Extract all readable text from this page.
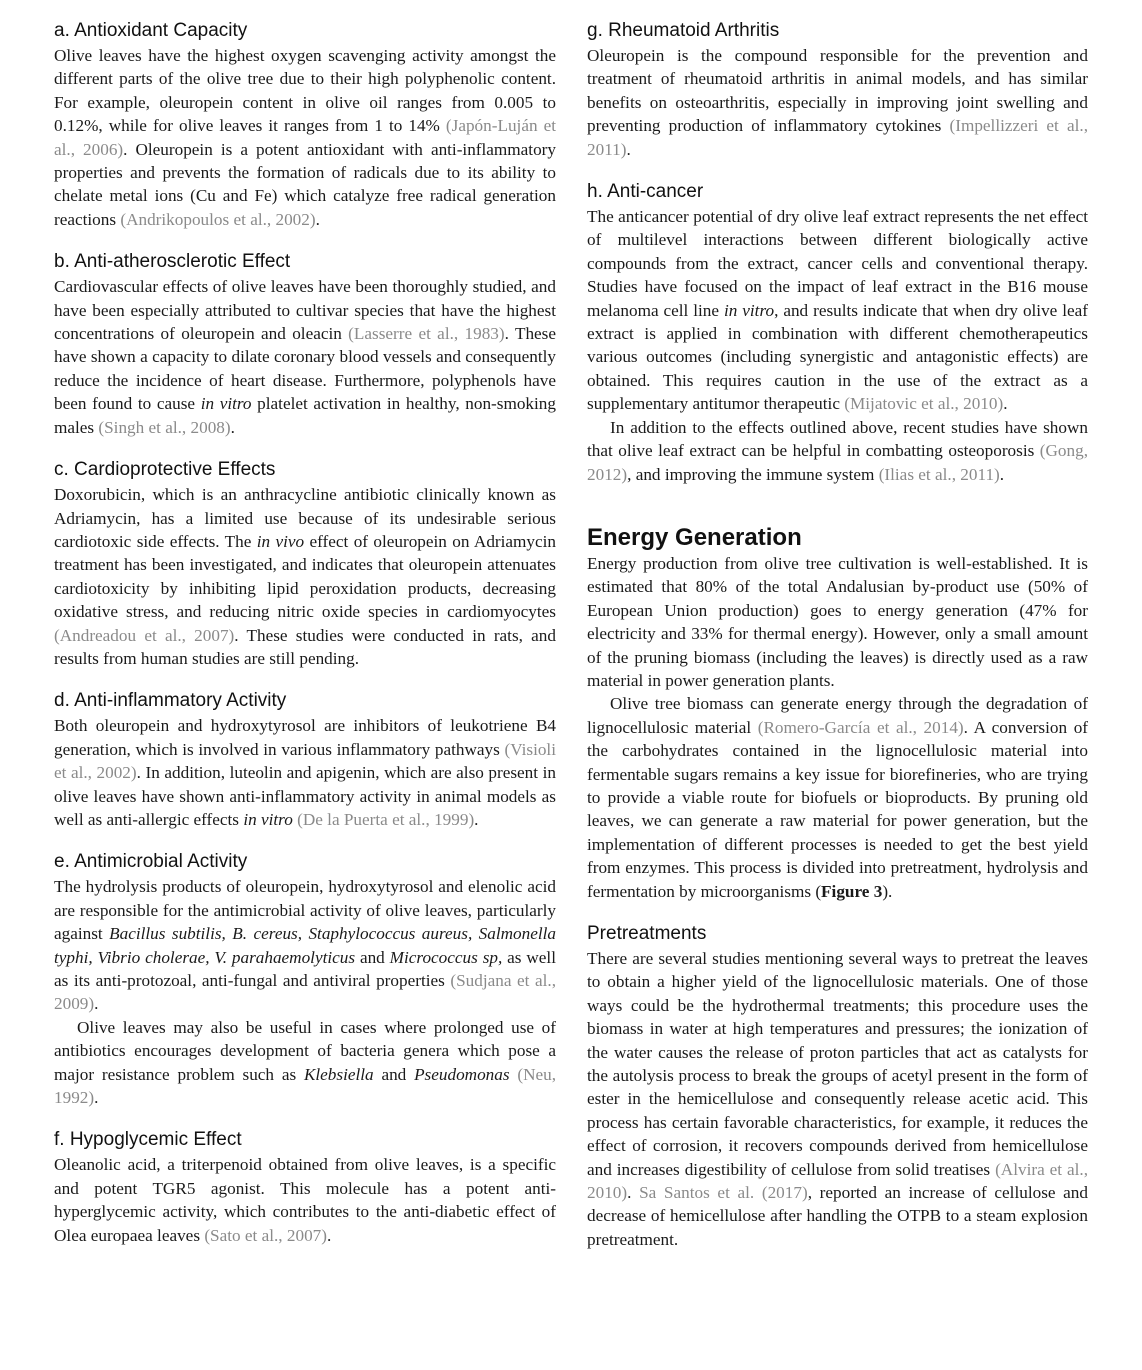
a. Antioxidant Capacity

Olive leaves have the highest oxygen scavenging activity amongst the different parts of the olive tree due to their high polyphenolic content. For example, oleuropein content in olive oil ranges from 0.005 to 0.12%, while for olive leaves it ranges from 1 to 14% (Japón-Luján et al., 2006). Oleuropein is a potent antioxidant with anti-inflammatory properties and prevents the formation of radicals due to its ability to chelate metal ions (Cu and Fe) which catalyze free radical generation reactions (Andrikopoulos et al., 2002).

b. Anti-atherosclerotic Effect

Cardiovascular effects of olive leaves have been thoroughly studied, and have been especially attributed to cultivar species that have the highest concentrations of oleuropein and oleacin (Lasserre et al., 1983). These have shown a capacity to dilate coronary blood vessels and consequently reduce the incidence of heart disease. Furthermore, polyphenols have been found to cause in vitro platelet activation in healthy, non-smoking males (Singh et al., 2008).

c. Cardioprotective Effects

Doxorubicin, which is an anthracycline antibiotic clinically known as Adriamycin, has a limited use because of its undesirable serious cardiotoxic side effects. The in vivo effect of oleuropein on Adriamycin treatment has been investigated, and indicates that oleuropein attenuates cardiotoxicity by inhibiting lipid peroxidation products, decreasing oxidative stress, and reducing nitric oxide species in cardiomyocytes (Andreadou et al., 2007). These studies were conducted in rats, and results from human studies are still pending.

d. Anti-inflammatory Activity

Both oleuropein and hydroxytyrosol are inhibitors of leukotriene B4 generation, which is involved in various inflammatory pathways (Visioli et al., 2002). In addition, luteolin and apigenin, which are also present in olive leaves have shown anti-inflammatory activity in animal models as well as anti-allergic effects in vitro (De la Puerta et al., 1999).

e. Antimicrobial Activity

The hydrolysis products of oleuropein, hydroxytyrosol and elenolic acid are responsible for the antimicrobial activity of olive leaves, particularly against Bacillus subtilis, B. cereus, Staphylococcus aureus, Salmonella typhi, Vibrio cholerae, V. parahaemolyticus and Micrococcus sp, as well as its anti-protozoal, anti-fungal and antiviral properties (Sudjana et al., 2009).

Olive leaves may also be useful in cases where prolonged use of antibiotics encourages development of bacteria genera which pose a major resistance problem such as Klebsiella and Pseudomonas (Neu, 1992).

f. Hypoglycemic Effect

Oleanolic acid, a triterpenoid obtained from olive leaves, is a specific and potent TGR5 agonist. This molecule has a potent anti-hyperglycemic activity, which contributes to the anti-diabetic effect of Olea europaea leaves (Sato et al., 2007).

g. Rheumatoid Arthritis

Oleuropein is the compound responsible for the prevention and treatment of rheumatoid arthritis in animal models, and has similar benefits on osteoarthritis, especially in improving joint swelling and preventing production of inflammatory cytokines (Impellizzeri et al., 2011).

h. Anti-cancer

The anticancer potential of dry olive leaf extract represents the net effect of multilevel interactions between different biologically active compounds from the extract, cancer cells and conventional therapy. Studies have focused on the impact of leaf extract in the B16 mouse melanoma cell line in vitro, and results indicate that when dry olive leaf extract is applied in combination with different chemotherapeutics various outcomes (including synergistic and antagonistic effects) are obtained. This requires caution in the use of the extract as a supplementary antitumor therapeutic (Mijatovic et al., 2010).

In addition to the effects outlined above, recent studies have shown that olive leaf extract can be helpful in combatting osteoporosis (Gong, 2012), and improving the immune system (Ilias et al., 2011).

Energy Generation

Energy production from olive tree cultivation is well-established. It is estimated that 80% of the total Andalusian by-product use (50% of European Union production) goes to energy generation (47% for electricity and 33% for thermal energy). However, only a small amount of the pruning biomass (including the leaves) is directly used as a raw material in power generation plants.

Olive tree biomass can generate energy through the degradation of lignocellulosic material (Romero-García et al., 2014). A conversion of the carbohydrates contained in the lignocellulosic material into fermentable sugars remains a key issue for biorefineries, who are trying to provide a viable route for biofuels or bioproducts. By pruning old leaves, we can generate a raw material for power generation, but the implementation of different processes is needed to get the best yield from enzymes. This process is divided into pretreatment, hydrolysis and fermentation by microorganisms (Figure 3).

Pretreatments

There are several studies mentioning several ways to pretreat the leaves to obtain a higher yield of the lignocellulosic materials. One of those ways could be the hydrothermal treatments; this procedure uses the biomass in water at high temperatures and pressures; the ionization of the water causes the release of proton particles that act as catalysts for the autolysis process to break the groups of acetyl present in the form of ester in the hemicellulose and consequently release acetic acid. This process has certain favorable characteristics, for example, it reduces the effect of corrosion, it recovers compounds derived from hemicellulose and increases digestibility of cellulose from solid treatises (Alvira et al., 2010). Sa Santos et al. (2017), reported an increase of cellulose and decrease of hemicellulose after handling the OTPB to a steam explosion pretreatment.
